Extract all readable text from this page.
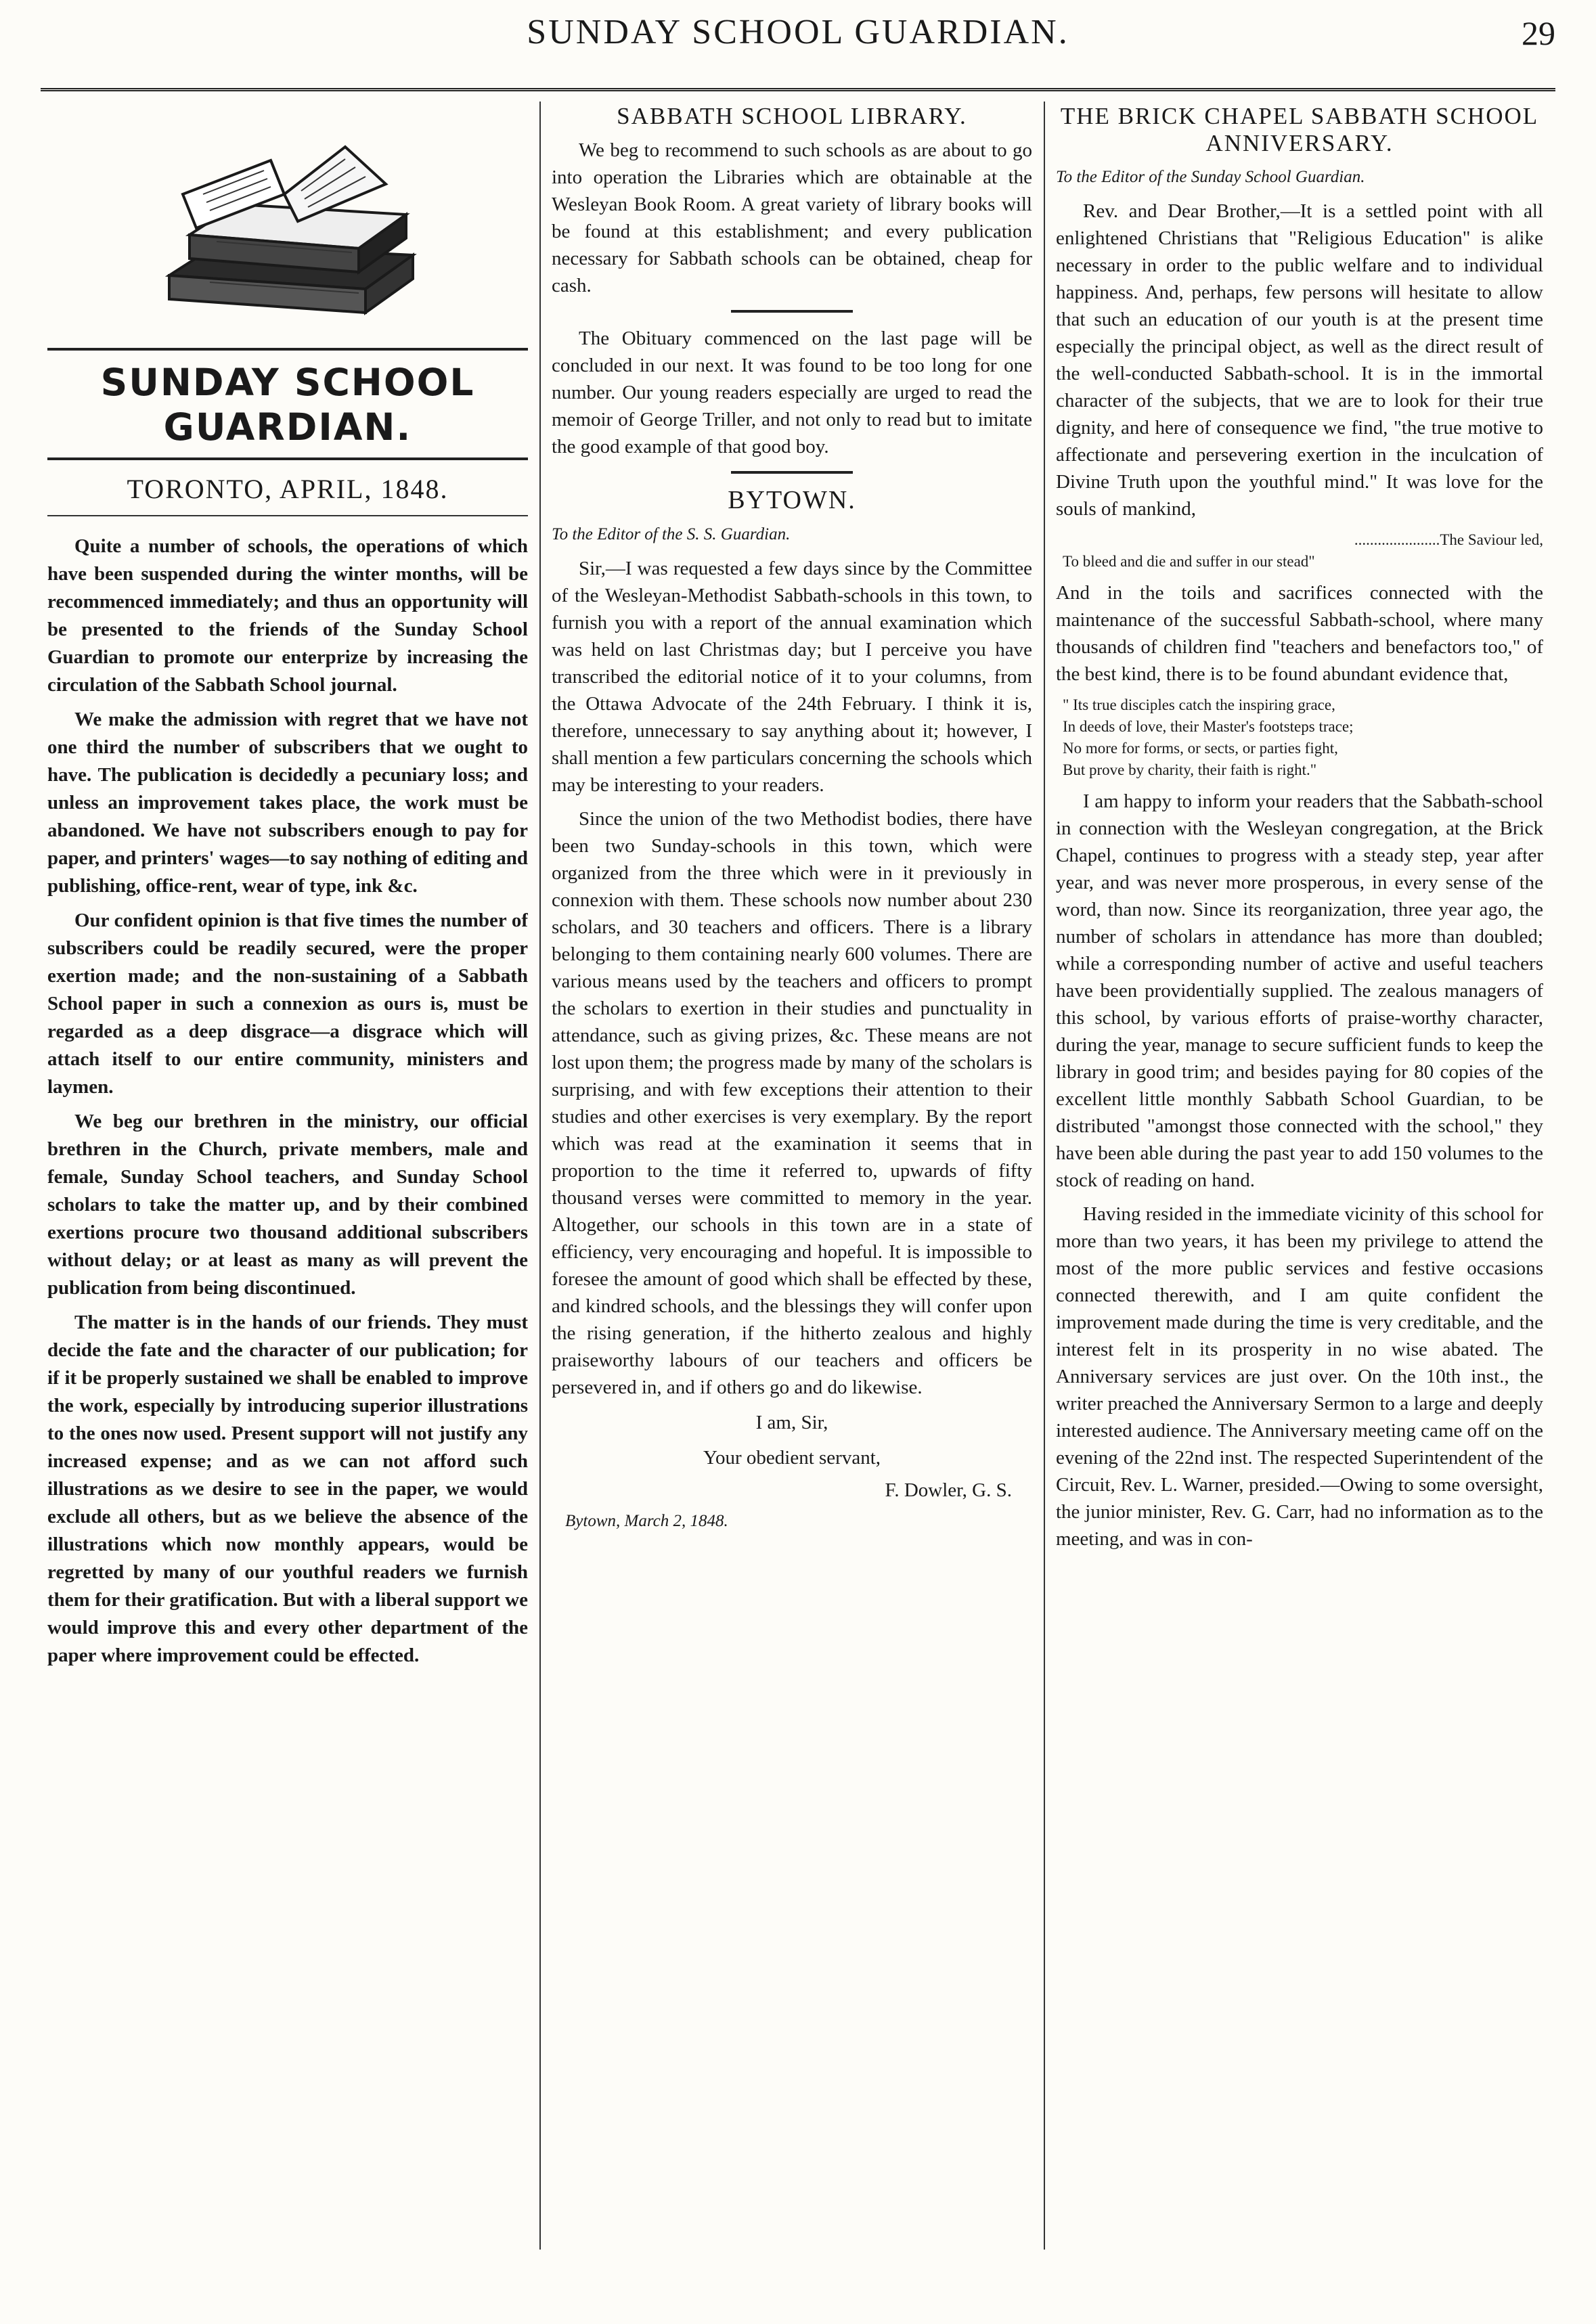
SUNDAY SCHOOL GUARDIAN.	29
SUNDAY SCHOOL GUARDIAN.
TORONTO, APRIL, 1848.

Quite a number of schools, the operations of which have been suspended during the winter months, will be recommenced immediately; and thus an opportunity will be presented to the friends of the Sunday School Guardian to promote our enterprize by increasing the circulation of the Sabbath School journal.

We make the admission with regret that we have not one third the number of subscribers that we ought to have. The publication is decidedly a pecuniary loss; and unless an improvement takes place, the work must be abandoned. We have not subscribers enough to pay for paper, and printers' wages—to say nothing of editing and publishing, office-rent, wear of type, ink &c.

Our confident opinion is that five times the number of subscribers could be readily secured, were the proper exertion made; and the non-sustaining of a Sabbath School paper in such a connexion as ours is, must be regarded as a deep disgrace—a disgrace which will attach itself to our entire community, ministers and laymen.

We beg our brethren in the ministry, our official brethren in the Church, private members, male and female, Sunday School teachers, and Sunday School scholars to take the matter up, and by their combined exertions procure two thousand additional subscribers without delay; or at least as many as will prevent the publication from being discontinued.

The matter is in the hands of our friends. They must decide the fate and the character of our publication; for if it be properly sustained we shall be enabled to improve the work, especially by introducing superior illustrations to the ones now used. Present support will not justify any increased expense; and as we can not afford such illustrations as we desire to see in the paper, we would exclude all others, but as we believe the absence of the illustrations which now monthly appears, would be regretted by many of our youthful readers we furnish them for their gratification. But with a liberal support we would improve this and every other department of the paper where improvement could be effected.

SABBATH SCHOOL LIBRARY.

We beg to recommend to such schools as are about to go into operation the Libraries which are obtainable at the Wesleyan Book Room. A great variety of library books will be found at this establishment; and every publication necessary for Sabbath schools can be obtained, cheap for cash.

The Obituary commenced on the last page will be concluded in our next. It was found to be too long for one number. Our young readers especially are urged to read the memoir of George Triller, and not only to read but to imitate the good example of that good boy.

BYTOWN.
To the Editor of the S. S. Guardian.

Sir,—I was requested a few days since by the Committee of the Wesleyan-Methodist Sabbath-schools in this town, to furnish you with a report of the annual examination which was held on last Christmas day; but I perceive you have transcribed the editorial notice of it to your columns, from the Ottawa Advocate of the 24th February. I think it is, therefore, unnecessary to say anything about it; however, I shall mention a few particulars concerning the schools which may be interesting to your readers.

Since the union of the two Methodist bodies, there have been two Sunday-schools in this town, which were organized from the three which were in it previously in connexion with them. These schools now number about 230 scholars, and 30 teachers and officers. There is a library belonging to them containing nearly 600 volumes. There are various means used by the teachers and officers to prompt the scholars to exertion in their studies and punctuality in attendance, such as giving prizes, &c. These means are not lost upon them; the progress made by many of the scholars is surprising, and with few exceptions their attention to their studies and other exercises is very exemplary. By the report which was read at the examination it seems that in proportion to the time it referred to, upwards of fifty thousand verses were committed to memory in the year. Altogether, our schools in this town are in a state of efficiency, very encouraging and hopeful. It is impossible to foresee the amount of good which shall be effected by these, and kindred schools, and the blessings they will confer upon the rising generation, if the hitherto zealous and highly praiseworthy labours of our teachers and officers be persevered in, and if others go and do likewise.

I am, Sir,
Your obedient servant,
F. Dowler, G. S.
Bytown, March 2, 1848.
THE BRICK CHAPEL SABBATH SCHOOL ANNIVERSARY.
To the Editor of the Sunday School Guardian.

Rev. and Dear Brother,—It is a settled point with all enlightened Christians that "Religious Education" is alike necessary in order to the public welfare and to individual happiness. And, perhaps, few persons will hesitate to allow that such an education of our youth is at the present time especially the principal object, as well as the direct result of the well-conducted Sabbath-school. It is in the immortal character of the subjects, that we are to look for their true dignity, and here of consequence we find, "the true motive to affectionate and persevering exertion in the inculcation of Divine Truth upon the youthful mind." It was love for the souls of mankind,

......................The Saviour led,
To bleed and die and suffer in our stead"

And in the toils and sacrifices connected with the maintenance of the successful Sabbath-school, where many thousands of children find "teachers and benefactors too," of the best kind, there is to be found abundant evidence that,

" Its true disciples catch the inspiring grace,
In deeds of love, their Master's footsteps trace;
No more for forms, or sects, or parties fight,
But prove by charity, their faith is right."

I am happy to inform your readers that the Sabbath-school in connection with the Wesleyan congregation, at the Brick Chapel, continues to progress with a steady step, year after year, and was never more prosperous, in every sense of the word, than now. Since its reorganization, three year ago, the number of scholars in attendance has more than doubled; while a corresponding number of active and useful teachers have been providentially supplied. The zealous managers of this school, by various efforts of praise-worthy character, during the year, manage to secure sufficient funds to keep the library in good trim; and besides paying for 80 copies of the excellent little monthly Sabbath School Guardian, to be distributed "amongst those connected with the school," they have been able during the past year to add 150 volumes to the stock of reading on hand.

Having resided in the immediate vicinity of this school for more than two years, it has been my privilege to attend the most of the more public services and festive occasions connected therewith, and I am quite confident the improvement made during the time is very creditable, and the interest felt in its prosperity in no wise abated. The Anniversary services are just over. On the 10th inst., the writer preached the Anniversary Sermon to a large and deeply interested audience. The Anniversary meeting came off on the evening of the 22nd inst. The respected Superintendent of the Circuit, Rev. L. Warner, presided.—Owing to some oversight, the junior minister, Rev. G. Carr, had no information as to the meeting, and was in con-
